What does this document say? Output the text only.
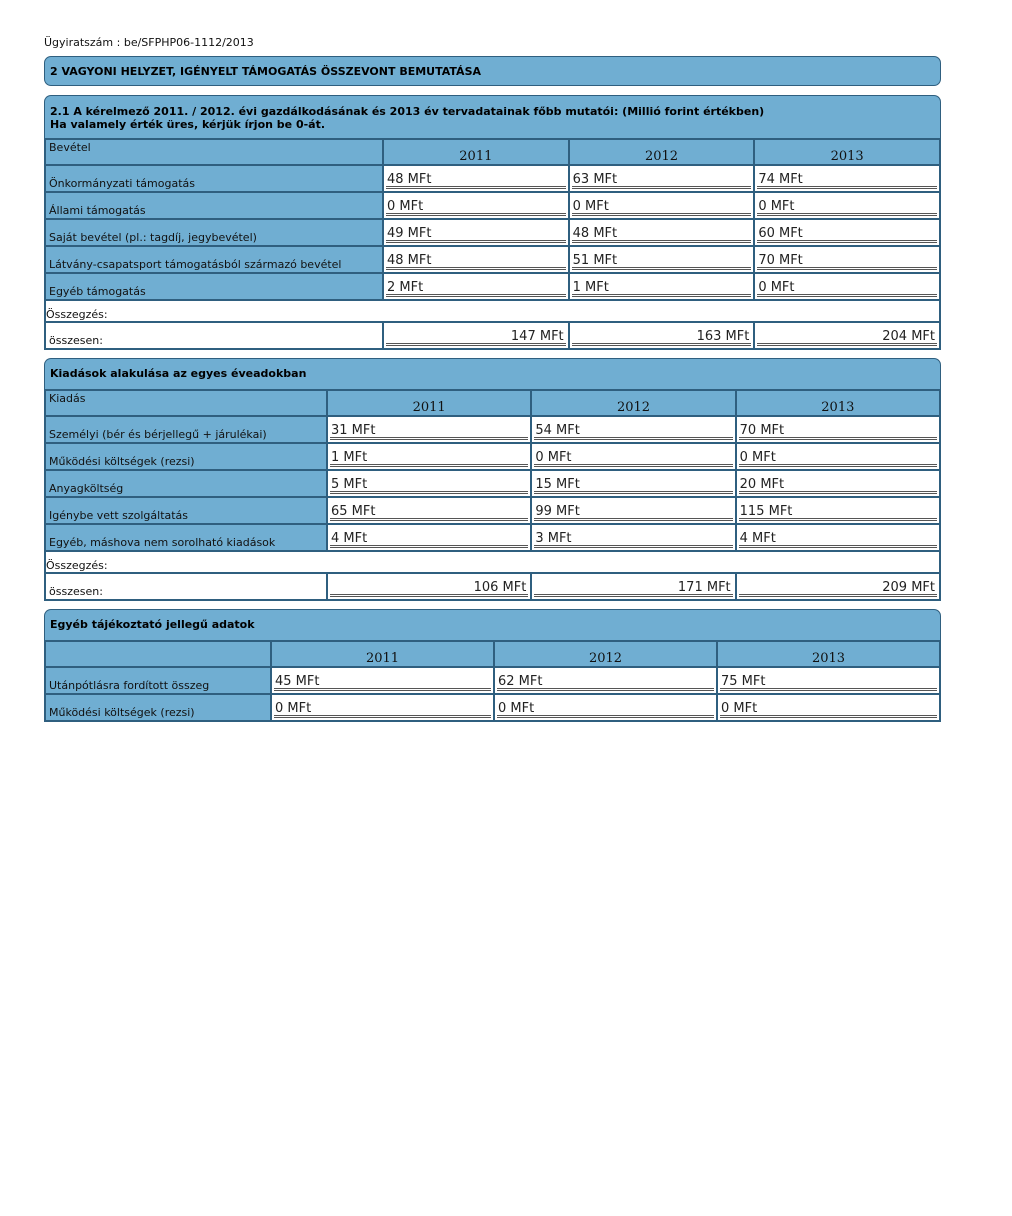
Ügyiratszám : be/SFPHP06-1112/2013
2 VAGYONI HELYZET, IGÉNYELT TÁMOGATÁS ÖSSZEVONT BEMUTATÁSA
2.1 A kérelmező 2011. / 2012. évi gazdálkodásának és 2013 év tervadatainak főbb mutatói: (Millió forint értékben)
Ha valamely érték üres, kérjük írjon be 0-át.
Bevétel	2011	2012	2013
Önkormányzati támogatás	48 MFt	63 MFt	74 MFt

Állami támogatás	0 MFt	0 MFt	0 MFt

Saját bevétel (pl.: tagdíj, jegybevétel)	49 MFt	48 MFt	60 MFt

Látvány-csapatsport támogatásból származó bevétel	48 MFt	51 MFt	70 MFt

Egyéb támogatás	2 MFt	1 MFt	0 MFt

Összegzés:			
összesen:	147 MFt	163 MFt	204 MFt
Kiadások alakulása az egyes éveadokban
Kiadás	2011	2012	2013
Személyi (bér és bérjellegű + járulékai)	31 MFt	54 MFt	70 MFt

Működési költségek (rezsi)	1 MFt	0 MFt	0 MFt

Anyagköltség	5 MFt	15 MFt	20 MFt

Igénybe vett szolgáltatás	65 MFt	99 MFt	115 MFt

Egyéb, máshova nem sorolható kiadások	4 MFt	3 MFt	4 MFt

Összegzés:			
összesen:	106 MFt	171 MFt	209 MFt
Egyéb tájékoztató jellegű adatok
	2011	2012	2013
Utánpótlásra fordított összeg	45 MFt	62 MFt	75 MFt

Működési költségek (rezsi)	0 MFt	0 MFt	0 MFt
